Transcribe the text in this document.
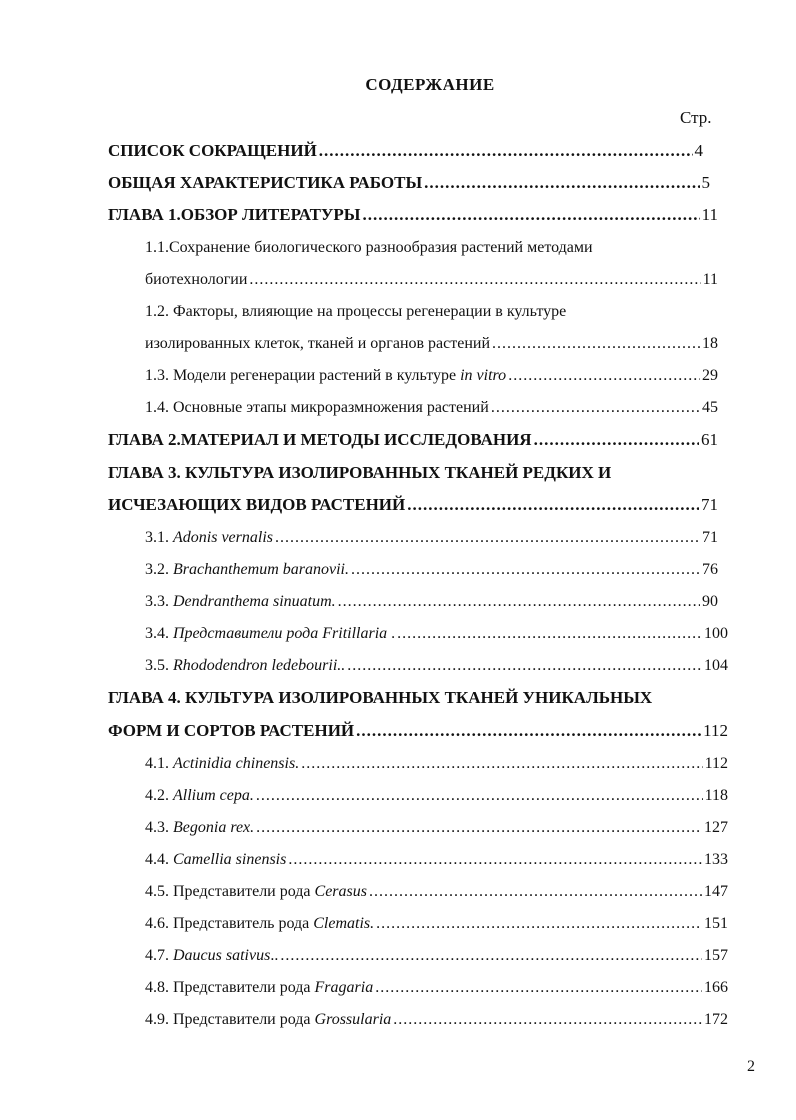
СОДЕРЖАНИЕ
Стр.
СПИСОК СОКРАЩЕНИЙ .....	4
ОБЩАЯ ХАРАКТЕРИСТИКА РАБОТЫ .....	5
ГЛАВА 1.ОБЗОР ЛИТЕРАТУРЫ .....	11
1.1.Сохранение биологического разнообразия растений методами
биотехнологии .....	11
1.2. Факторы, влияющие на процессы регенерации в культуре
изолированных клеток, тканей и органов растений .....	18
1.3. Модели регенерации растений в культуре in vitro .....	29
1.4. Основные этапы микроразмножения растений .....	45
ГЛАВА 2.МАТЕРИАЛ И МЕТОДЫ ИССЛЕДОВАНИЯ .....	61
ГЛАВА 3. КУЛЬТУРА ИЗОЛИРОВАННЫХ ТКАНЕЙ РЕДКИХ И
ИСЧЕЗАЮЩИХ ВИДОВ РАСТЕНИЙ .....	71
3.1. Adonis vernalis .....	71
3.2. Brachanthemum baranovii. .....	76
3.3. Dendranthema sinuatum. .....	90
3.4. Представители рода Fritillaria . .....	100
3.5. Rhododendron ledebourii.. .....	104
ГЛАВА 4. КУЛЬТУРА ИЗОЛИРОВАННЫХ ТКАНЕЙ УНИКАЛЬНЫХ
ФОРМ И СОРТОВ РАСТЕНИЙ .....	112
4.1. Actinidia chinensis. .....	112
4.2. Allium cepa. .....	118
4.3. Begonia rex. .....	127
4.4. Camellia sinensis .....	133
4.5. Представители рода Cerasus .....	147
4.6. Представитель рода Clematis. .....	151
4.7. Daucus sativus.. .....	157
4.8. Представители рода Fragaria .....	166
4.9. Представители рода Grossularia .....	172
2
